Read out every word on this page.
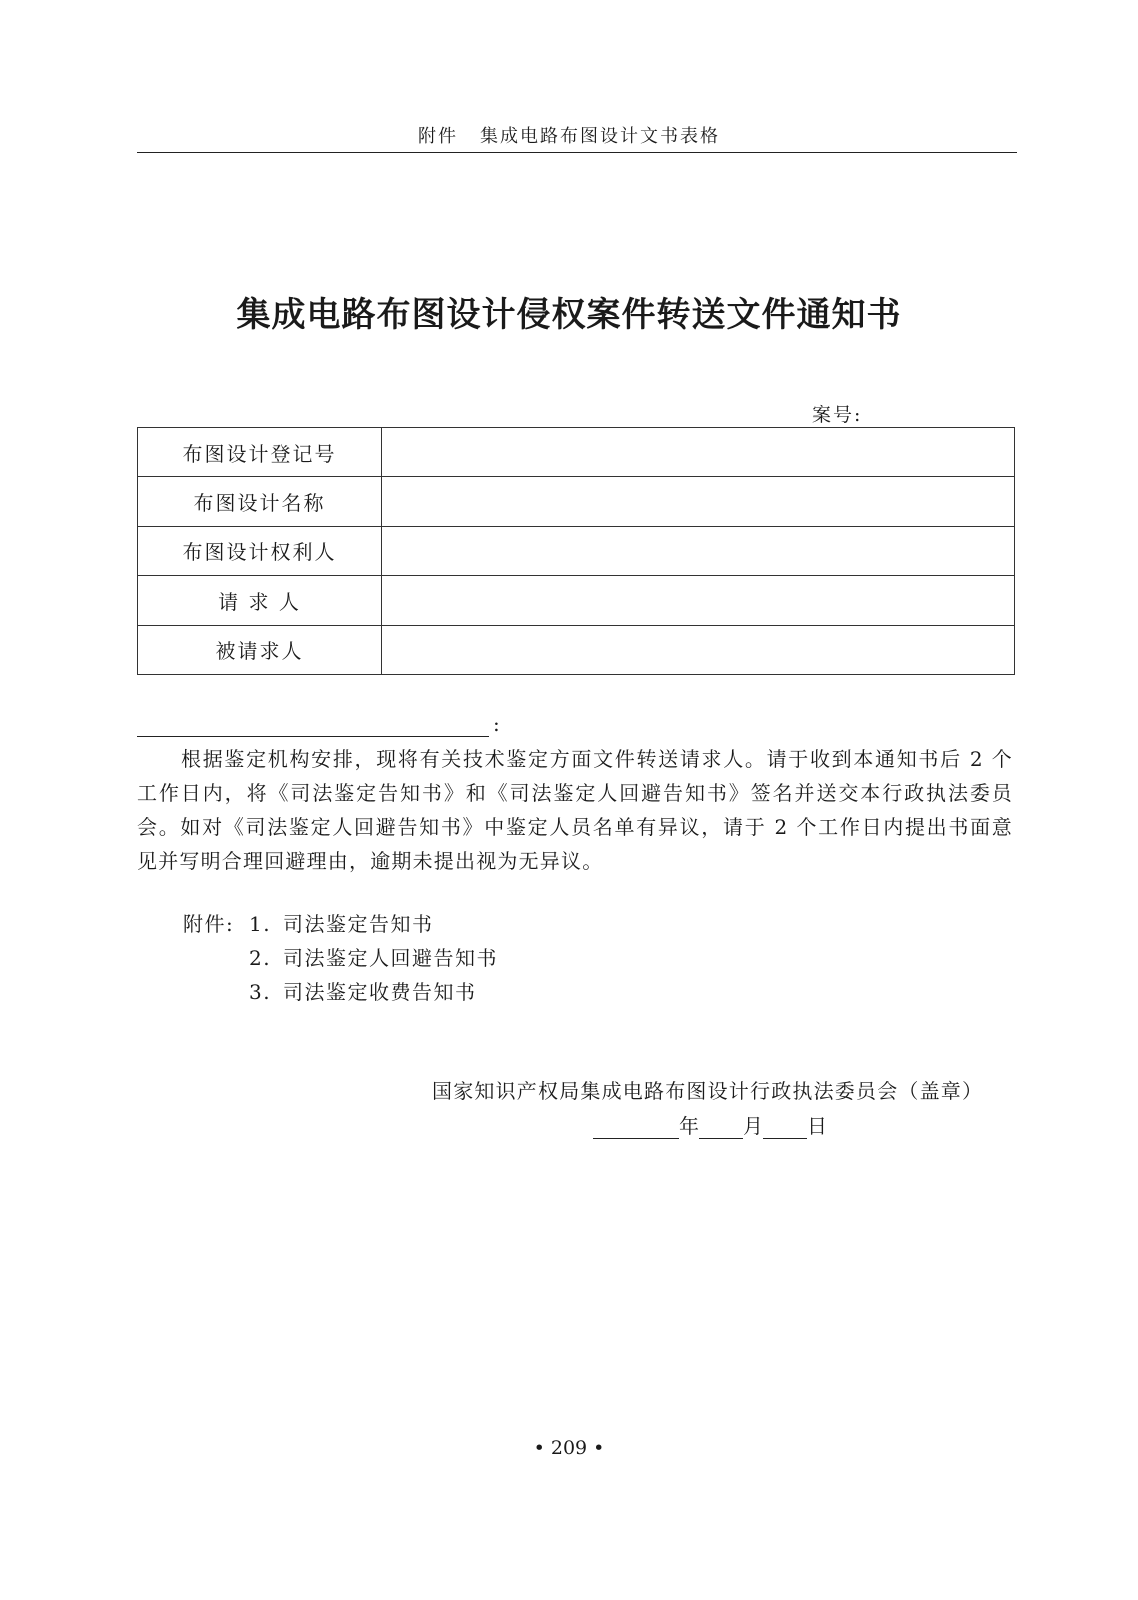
附件 集成电路布图设计文书表格
集成电路布图设计侵权案件转送文件通知书
案号:
布图设计登记号	
布图设计名称	
布图设计权利人	
请 求 人	
被请求人	
:
根据鉴定机构安排，现将有关技术鉴定方面文件转送请求人。请于收到本通知书后 2 个工作日内，将《司法鉴定告知书》和《司法鉴定人回避告知书》签名并送交本行政执法委员会。如对《司法鉴定人回避告知书》中鉴定人员名单有异议，请于 2 个工作日内提出书面意见并写明合理回避理由，逾期未提出视为无异议。
附件: 1. 司法鉴定告知书
2. 司法鉴定人回避告知书
3. 司法鉴定收费告知书
国家知识产权局集成电路布图设计行政执法委员会（盖章）
年 月 日
• 209 •
